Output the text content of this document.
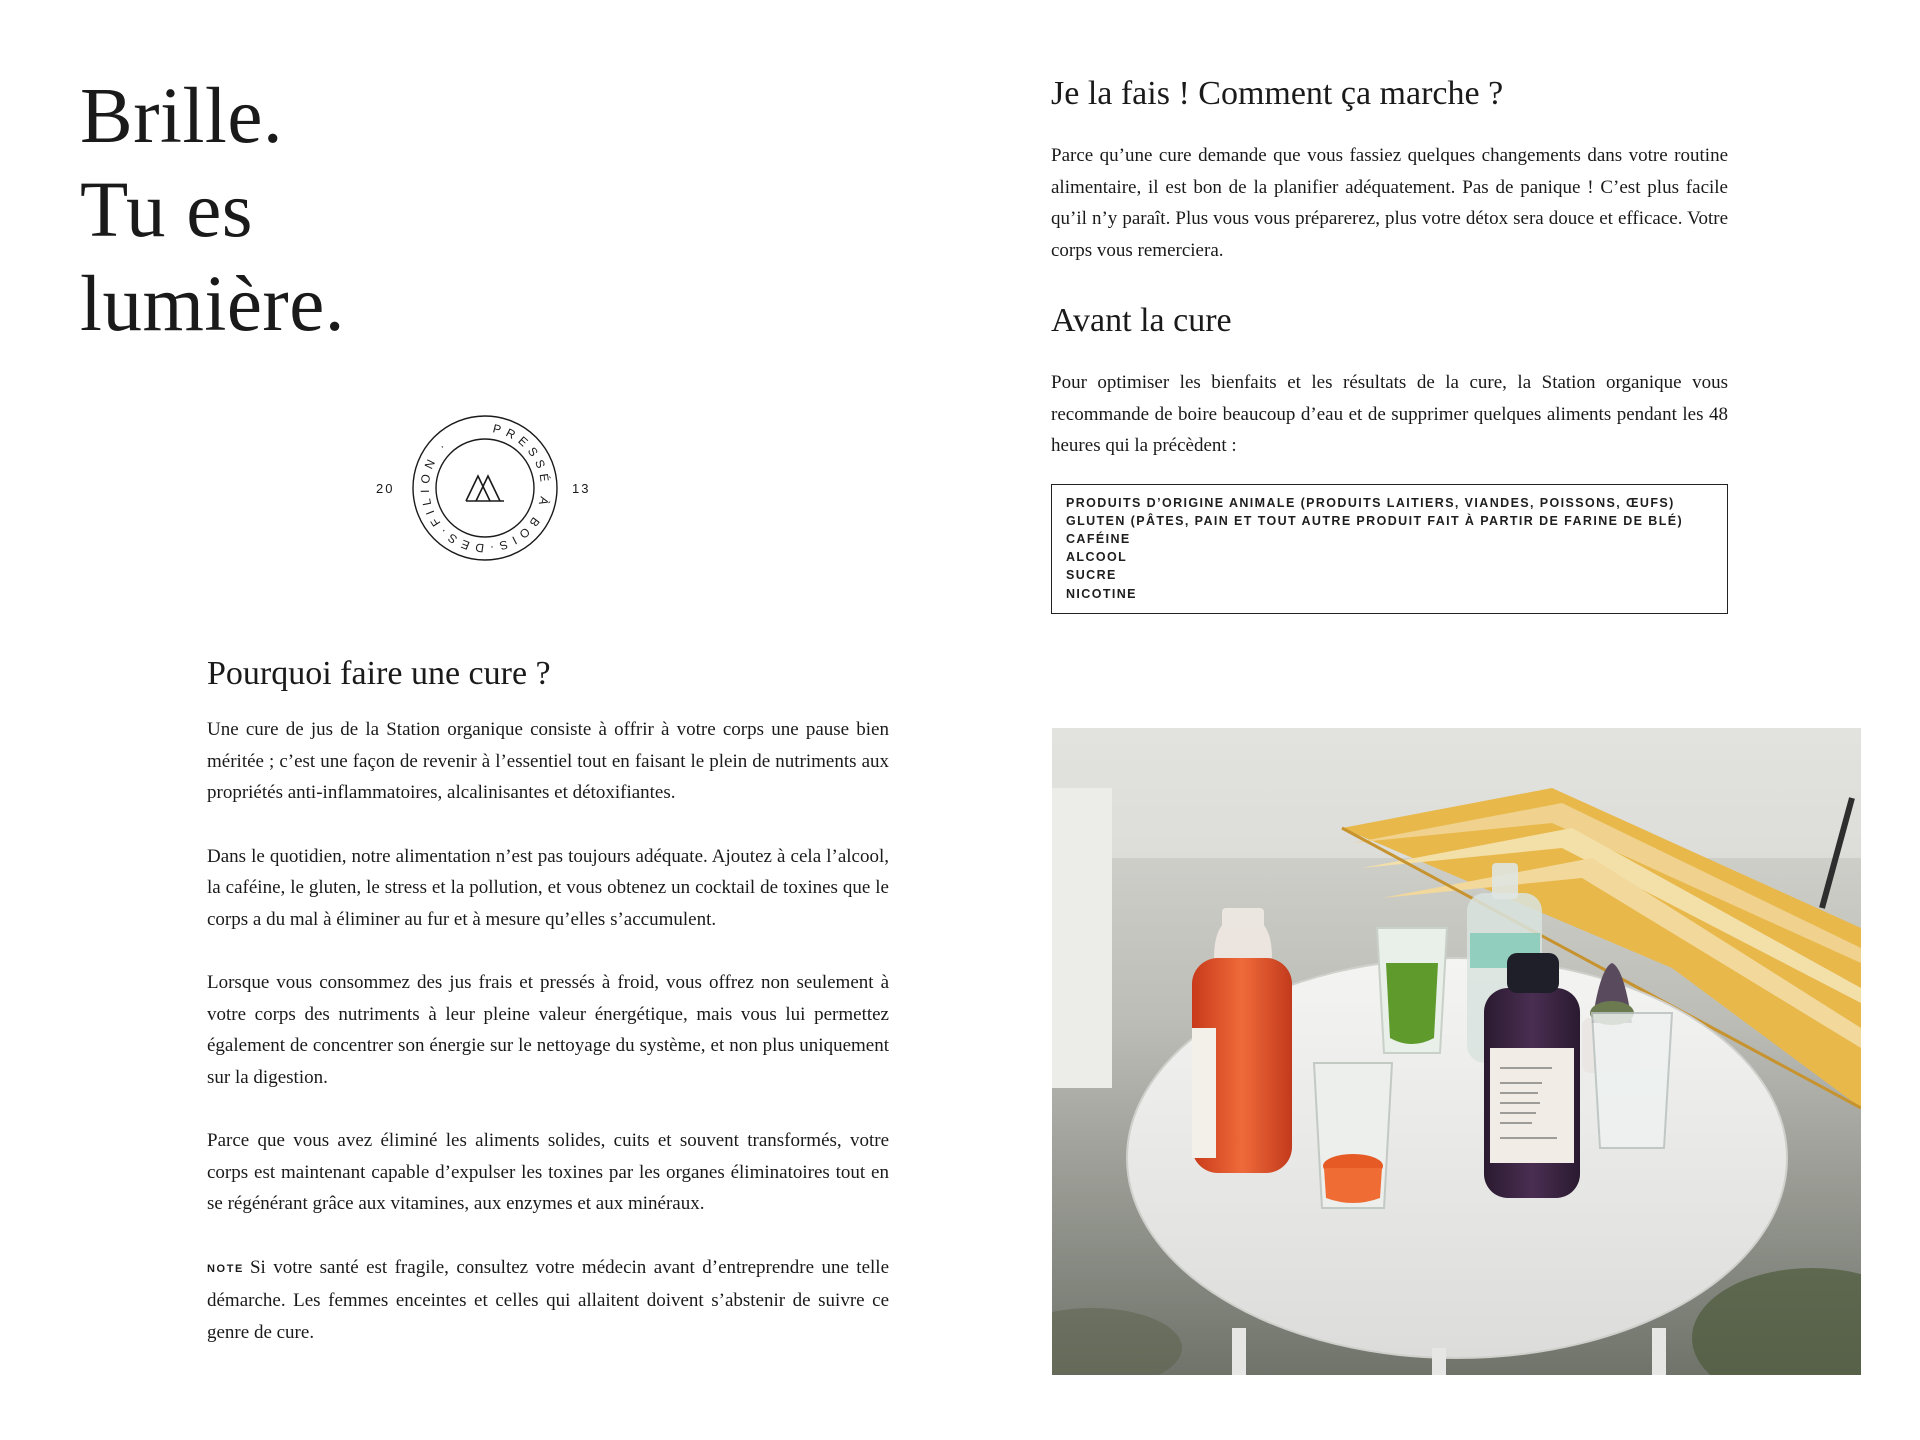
Brille.
Tu es
lumière.
PRESSÉ À BOIS·DES·FILION ·
20	13
Pourquoi faire une cure ?

Une cure de jus de la Station organique consiste à offrir à votre corps une pause bien méritée ; c’est une façon de revenir à l’essentiel tout en faisant le plein de nutriments aux propriétés anti-inflammatoires, alcalinisantes et détoxifiantes.

Dans le quotidien, notre alimentation n’est pas toujours adéquate. Ajoutez à cela l’alcool, la caféine, le gluten, le stress et la pollution, et vous obtenez un cocktail de toxines que le corps a du mal à éliminer au fur et à mesure qu’elles s’accumulent.

Lorsque vous consommez des jus frais et pressés à froid, vous offrez non seulement à votre corps des nutriments à leur pleine valeur énergétique, mais vous lui permettez également de concentrer son énergie sur le nettoyage du système, et non plus uniquement sur la digestion.

Parce que vous avez éliminé les aliments solides, cuits et souvent transformés, votre corps est maintenant capable d’expulser les toxines par les organes éliminatoires tout en se régénérant grâce aux vitamines, aux enzymes et aux minéraux.

NOTE Si votre santé est fragile, consultez votre médecin avant d’entreprendre une telle démarche. Les femmes enceintes et celles qui allaitent doivent s’abstenir de suivre ce genre de cure.

Je la fais ! Comment ça marche ?

Parce qu’une cure demande que vous fassiez quelques changements dans votre routine alimentaire, il est bon de la planifier adéquatement. Pas de panique ! C’est plus facile qu’il n’y paraît. Plus vous vous préparerez, plus votre détox sera douce et efficace. Votre corps vous remerciera.

Avant la cure

Pour optimiser les bienfaits et les résultats de la cure, la Station organique vous recommande de boire beaucoup d’eau et de supprimer quelques aliments pendant les 48 heures qui la précèdent :

PRODUITS D’ORIGINE ANIMALE (PRODUITS LAITIERS, VIANDES, POISSONS, ŒUFS)
GLUTEN (PÂTES, PAIN ET TOUT AUTRE PRODUIT FAIT À PARTIR DE FARINE DE BLÉ)
CAFÉINE
ALCOOL
SUCRE
NICOTINE
